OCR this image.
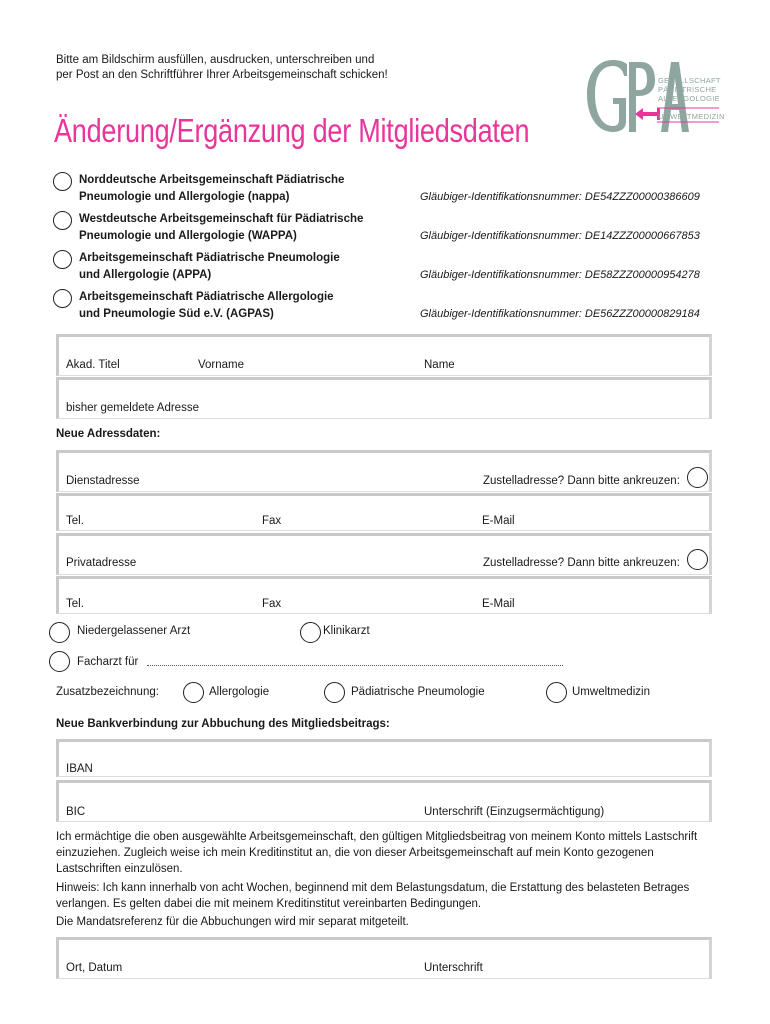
Bitte am Bildschirm ausfüllen, ausdrucken, unterschreiben und
per Post an den Schriftführer Ihrer Arbeitsgemeinschaft schicken!	GESELLSCHAFT
PÄDIATRISCHE
ALLERGOLOGIE
UMWELTMEDIZIN
Änderung/Ergänzung der Mitgliedsdaten
Norddeutsche Arbeitsgemeinschaft Pädiatrische
Pneumologie und Allergologie (nappa)	Gläubiger-Identifikationsnummer: DE54ZZZ00000386609
Westdeutsche Arbeitsgemeinschaft für Pädiatrische
Pneumologie und Allergologie (WAPPA)	Gläubiger-Identifikationsnummer: DE14ZZZ00000667853
Arbeitsgemeinschaft Pädiatrische Pneumologie
und Allergologie (APPA)	Gläubiger-Identifikationsnummer: DE58ZZZ00000954278
Arbeitsgemeinschaft Pädiatrische Allergologie
und Pneumologie Süd e.V. (AGPAS)	Gläubiger-Identifikationsnummer: DE56ZZZ00000829184
Akad. Titel	Vorname	Name
bisher gemeldete Adresse
Neue Adressdaten:
Dienstadresse	Zustelladresse? Dann bitte ankreuzen:
Tel.	Fax	E-Mail
Privatadresse	Zustelladresse? Dann bitte ankreuzen:
Tel.	Fax	E-Mail
Niedergelassener Arzt	Klinikarzt
Facharzt für
Zusatzbezeichnung:	Allergologie	Pädiatrische Pneumologie	Umweltmedizin
Neue Bankverbindung zur Abbuchung des Mitgliedsbeitrags:
IBAN
BIC	Unterschrift (Einzugsermächtigung)
Ich ermächtige die oben ausgewählte Arbeitsgemeinschaft, den gültigen Mitgliedsbeitrag von meinem Konto mittels Lastschrift einzuziehen. Zugleich weise ich mein Kreditinstitut an, die von dieser Arbeitsgemeinschaft auf mein Konto gezogenen Lastschriften einzulösen.
Hinweis: Ich kann innerhalb von acht Wochen, beginnend mit dem Belastungsdatum, die Erstattung des belasteten Betrages verlangen. Es gelten dabei die mit meinem Kreditinstitut vereinbarten Bedingungen.
Die Mandatsreferenz für die Abbuchungen wird mir separat mitgeteilt.
Ort, Datum	Unterschrift
